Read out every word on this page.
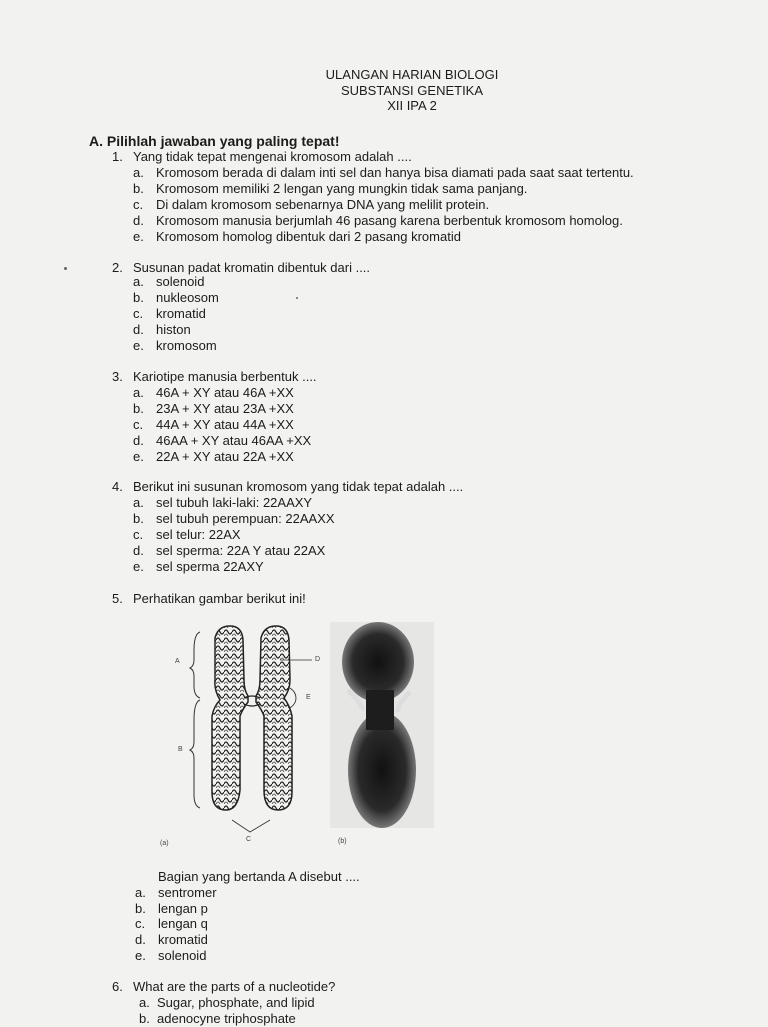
ULANGAN HARIAN BIOLOGI
SUBSTANSI GENETIKA
XII IPA 2
A. Pilihlah jawaban yang paling tepat!
1. Yang tidak tepat mengenai kromosom adalah ....
a. Kromosom berada di dalam inti sel dan hanya bisa diamati pada saat saat tertentu.
b. Kromosom memiliki 2 lengan yang mungkin tidak sama panjang.
c. Di dalam kromosom sebenarnya DNA yang melilit protein.
d. Kromosom manusia berjumlah 46 pasang karena berbentuk kromosom homolog.
e. Kromosom homolog dibentuk dari 2 pasang kromatid
2. Susunan padat kromatin dibentuk dari ....
a. solenoid
b. nukleosom
c. kromatid
d. histon
e. kromosom
3. Kariotipe manusia berbentuk ....
a. 46A + XY atau 46A +XX
b. 23A + XY atau 23A +XX
c. 44A + XY atau 44A +XX
d. 46AA + XY atau 46AA +XX
e. 22A + XY atau 22A +XX
4. Berikut ini susunan kromosom yang tidak tepat adalah ....
a. sel tubuh laki-laki: 22AAXY
b. sel tubuh perempuan: 22AAXX
c. sel telur: 22AX
d. sel sperma: 22A Y atau 22AX
e. sel sperma 22AXY
5. Perhatikan gambar berikut ini!
A
B
C
D
E
(a)	(b)
Bagian yang bertanda A disebut ....
a. sentromer
b. lengan p
c. lengan q
d. kromatid
e. solenoid
6. What are the parts of a nucleotide?
a. Sugar, phosphate, and lipid
b. adenocyne triphosphate
